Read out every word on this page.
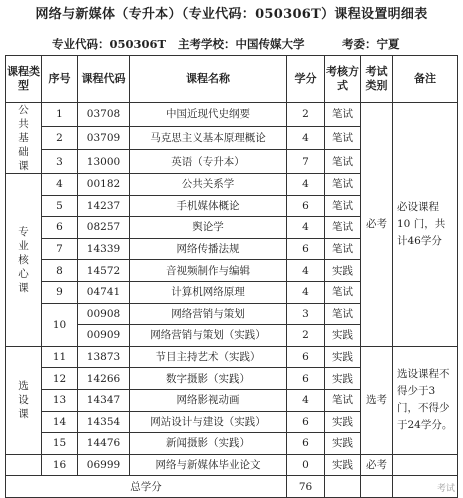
网络与新媒体（专升本）（专业代码：050306T）课程设置明细表
专业代码：050306T 主考学校：中国传媒大学	考委：宁夏
课程类型	序号	课程代码	课程名称	学分	考核方式	考试类别	备注

公
共
基
础
课	1	03708	中国近现代史纲要	2	笔试	必考	必设课程 10 门，共计46学分
	2	03709	马克思主义基本原理概论	4	笔试		
	3	13000	英语（专升本）	7	笔试		

专
业
核
心
课	4	00182	公共关系学	4	笔试		
	5	14237	手机媒体概论	6	笔试		
	6	08257	舆论学	4	笔试		
	7	14339	网络传播法规	6	笔试		
	8	14572	音视频制作与编辑	4	实践		
	9	04741	计算机网络原理	4	笔试		
	10	00908	网络营销与策划	3	笔试		
		00909	网络营销与策划（实践）	2	实践		

选
设
课	11	13873	节目主持艺术（实践）	6	实践	选考	选设课程不得少于3门，不得少于24学分。
	12	14266	数字摄影（实践）	6	实践		
	13	14347	网络影视动画	4	笔试		
	14	14354	网站设计与建设（实践）	6	实践		
	15	14476	新闻摄影（实践）	6	实践		
	16	06999	网络与新媒体毕业论文	0	实践	必考	
总学分				76				考试
